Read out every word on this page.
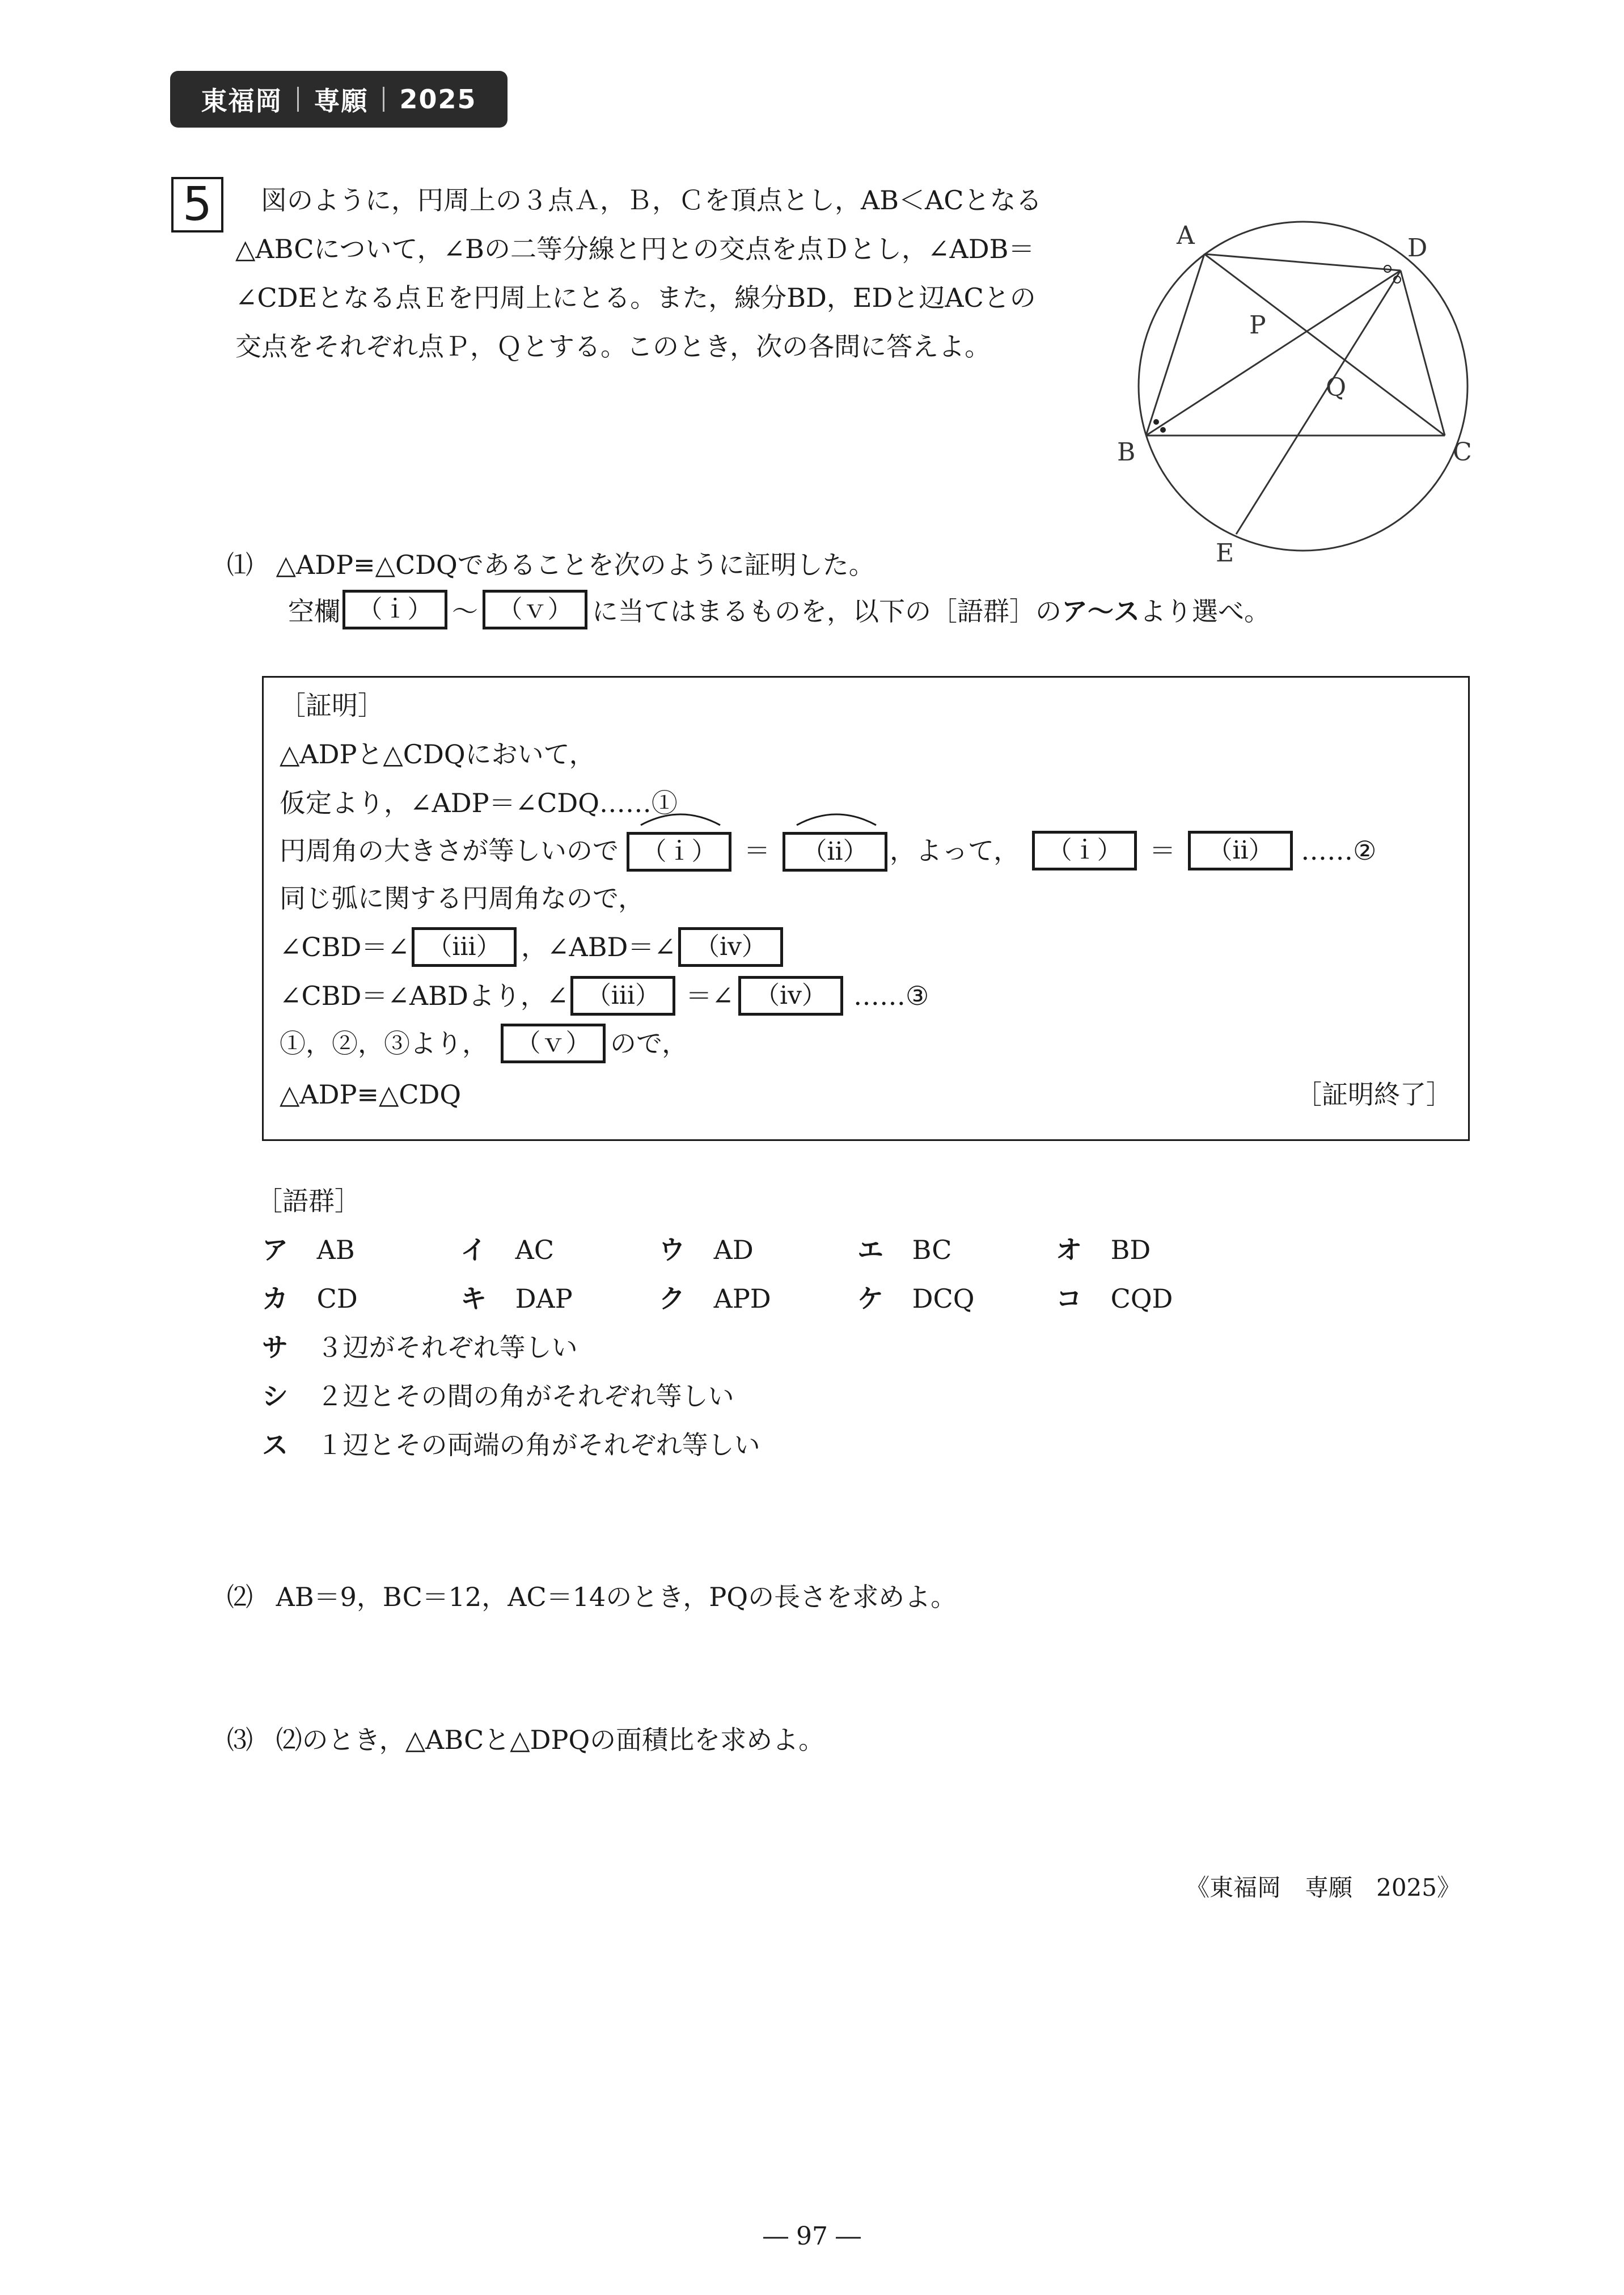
東福岡 専願 2025
5	図のように，円周上の３点Ａ，Ｂ，Ｃを頂点とし，AB＜ACとなる△ABCについて，∠Bの二等分線と円との交点を点Ｄとし，∠ADB＝∠CDEとなる点Ｅを円周上にとる。また，線分BD，EDと辺ACとの交点をそれぞれ点Ｐ，Ｑとする。このとき，次の各問に答えよ。
A
B	C
D
E
P
Q
⑴ △ADP≡△CDQであることを次のように証明した。
空欄 （ｉ） ～ （ｖ） に当てはまるものを，以下の［語群］の ア～ス より選べ。
［証明］
△ADPと△CDQにおいて，
仮定より，∠ADP＝∠CDQ……①
円周角の大きさが等しいので （ｉ）	＝	（ⅱ） ，よって，	（ｉ）	＝	（ⅱ）	……②
同じ弧に関する円周角なので，
∠CBD＝∠ （ⅲ） ，∠ABD＝∠ （ⅳ）
∠CBD＝∠ABDより，∠ （ⅲ） ＝∠ （ⅳ）	……③
①，②，③より，	（ｖ） ので，
△ADP≡△CDQ	［証明終了］
［語群］
ア AB	イ AC	ウ AD	エ BC	オ BD
カ CD	キ DAP	ク APD	ケ DCQ	コ CQD
サ ３辺がそれぞれ等しい
シ ２辺とその間の角がそれぞれ等しい
ス １辺とその両端の角がそれぞれ等しい
⑵ AB＝9，BC＝12，AC＝14のとき，PQの長さを求めよ。
⑶ ⑵のとき，△ABCと△DPQの面積比を求めよ。
《東福岡　専願　2025》
― 97 ―
